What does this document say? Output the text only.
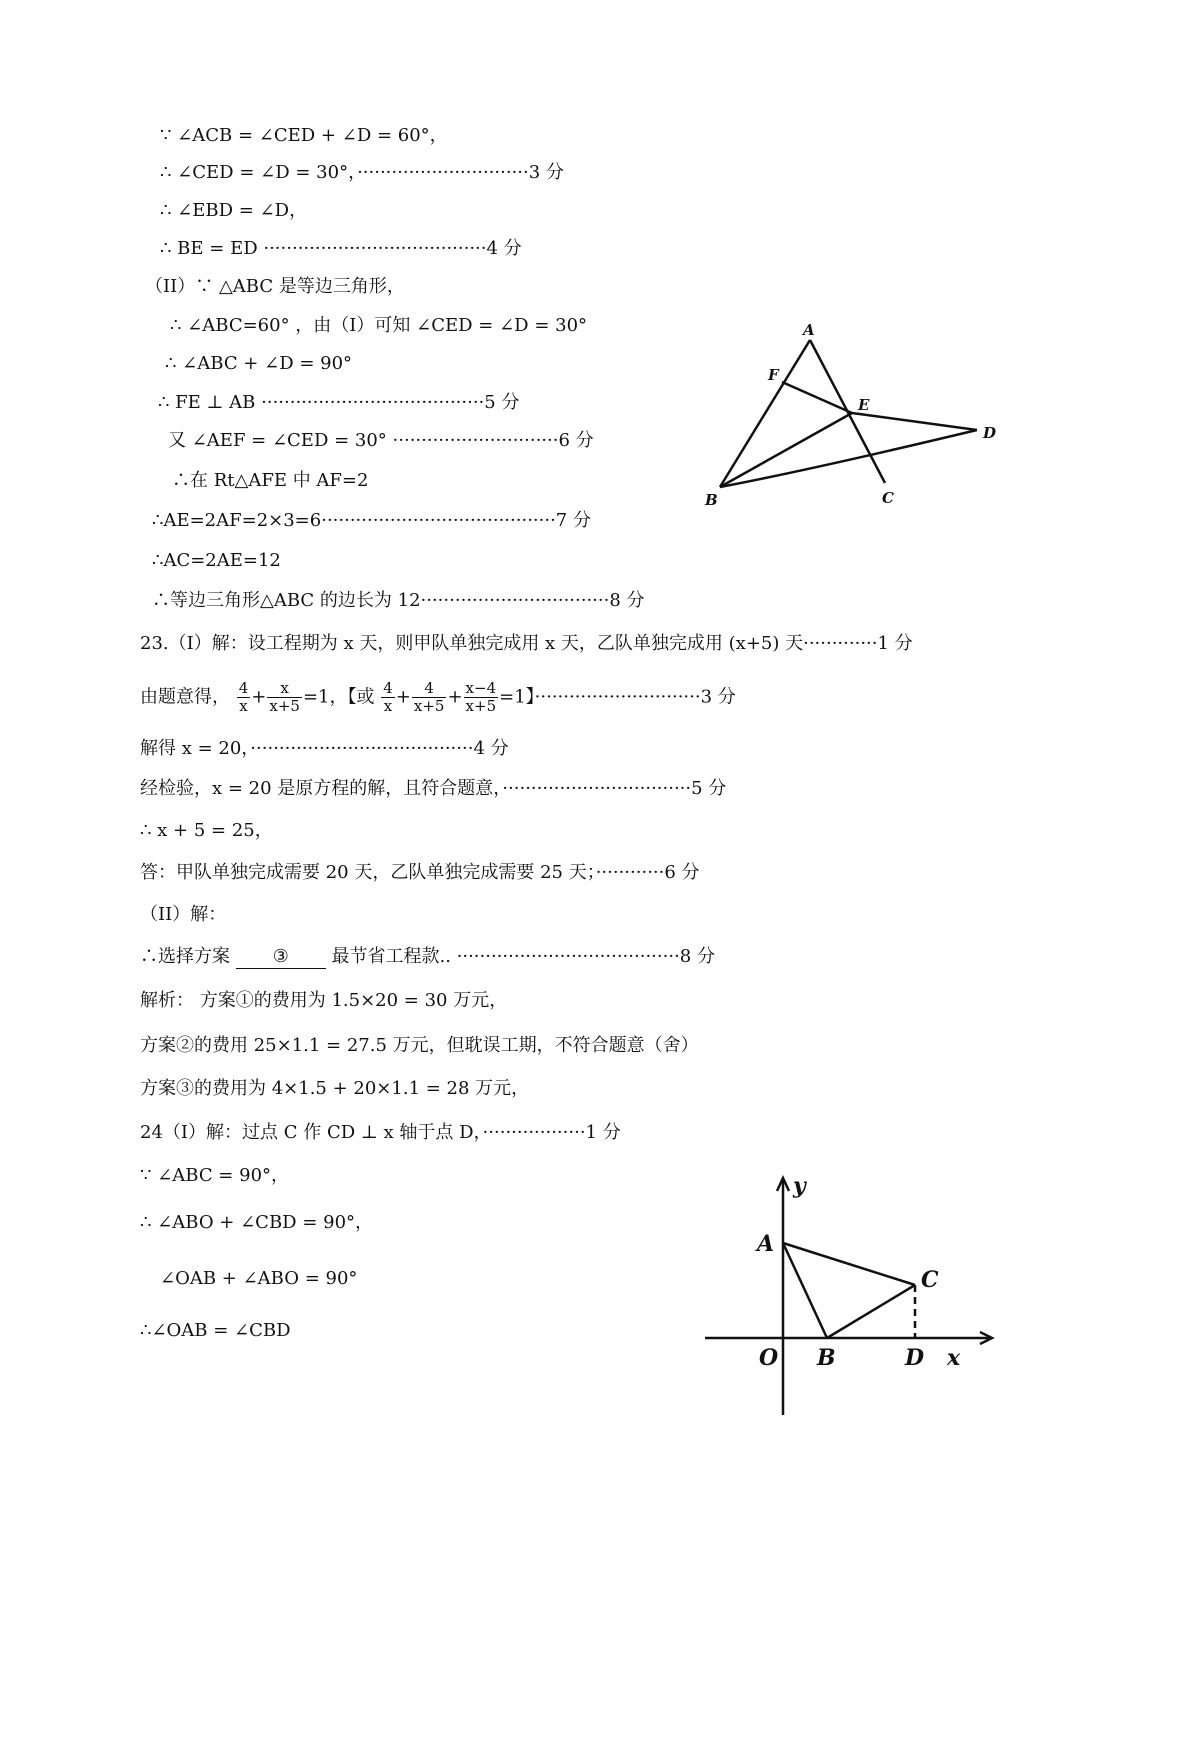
∵ ∠ACB = ∠CED + ∠D = 60°，
∴ ∠CED = ∠D = 30°，······························3 分
∴ ∠EBD = ∠D，
∴ BE = ED ·······································4 分
（II）∵ △ABC 是等边三角形，
∴ ∠ABC=60° ，由（I）可知 ∠CED = ∠D = 30°
∴ ∠ABC + ∠D = 90°
∴ FE ⊥ AB ·······································5 分
又 ∠AEF = ∠CED = 30° ·····························6 分
∴在 Rt△AFE 中 AF=2
∴AE=2AF=2×3=6·········································7 分
∴AC=2AE=12
∴等边三角形△ABC 的边长为 12·································8 分
23.（I）解：设工程期为 x 天，则甲队单独完成用 x 天，乙队单独完成用 (x+5) 天·············1 分
由题意得， $\frac{4}{x} + \frac{x}{x+5} =1$，【或 $\frac{4}{x} + \frac{4}{x+5} + \frac{x-4}{x+5} =1$】·····························3 分
解得 x = 20，·······································4 分
经检验，x = 20 是原方程的解，且符合题意，·································5 分
∴ x + 5 = 25，
答：甲队单独完成需要 20 天，乙队单独完成需要 25 天；············6 分
（II）解：
∴选择方案 ③ 最节省工程款.. ·······································8 分
解析： 方案①的费用为 1.5×20 = 30 万元，
方案②的费用 25×1.1 = 27.5 万元，但耽误工期，不符合题意（舍）
方案③的费用为 4×1.5 + 20×1.1 = 28 万元，
24（I）解：过点 C 作 CD ⊥ x 轴于点 D，··················1 分
∵ ∠ABC = 90°，
∴ ∠ABO + ∠CBD = 90°，
∠OAB + ∠ABO = 90°
∴∠OAB = ∠CBD
A
F
E
B	C
D
y
A
C
O B	D x
